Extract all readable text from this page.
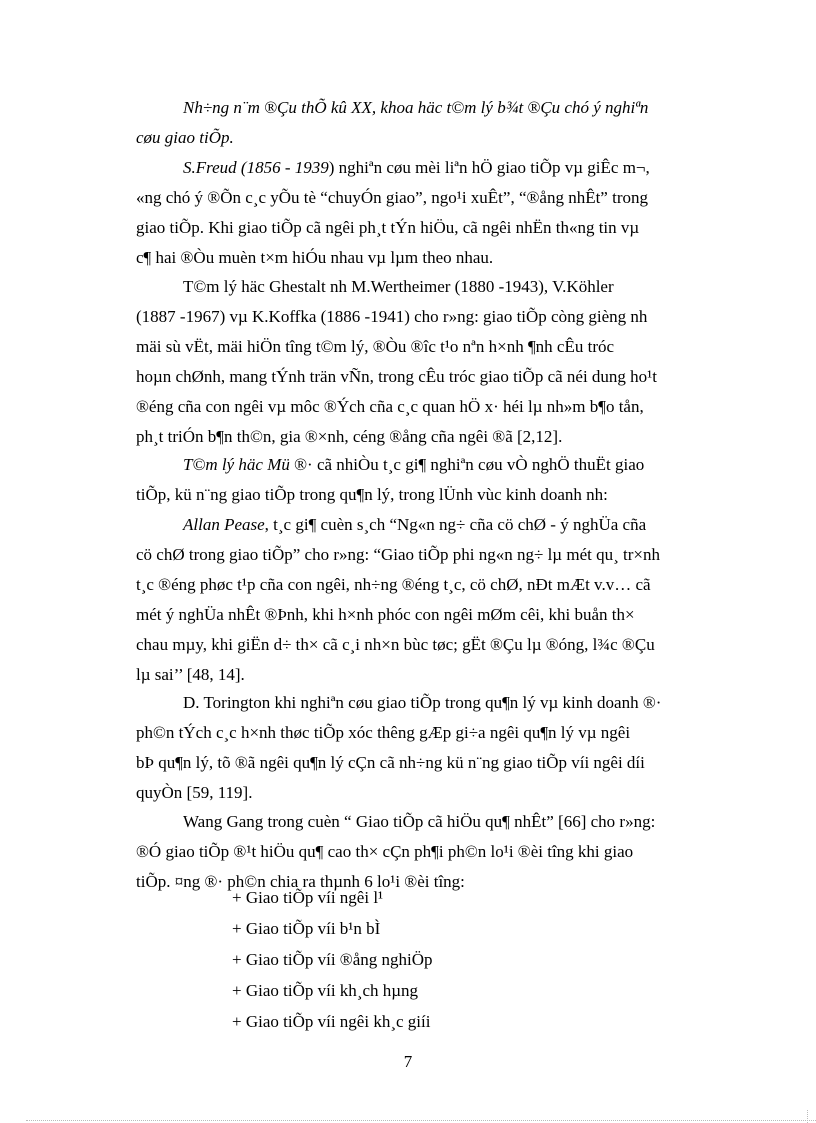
Nh÷ng n¨m ®Çu thÕ kû XX, khoa häc t©m lý b¾t ®Çu chó ý nghiªn
cøu giao tiÕp.
S.Freud (1856 - 1939) nghiªn cøu mèi liªn hÖ giao tiÕp vµ giÊc m¬,
«ng chó ý ®Õn c¸c yÕu tè “chuyÓn giao”, ngo¹i xuÊt”, “®ång nhÊt” trong
giao tiÕp. Khi giao tiÕp cã ngêi ph¸t tÝn hiÖu, cã ngêi nhËn th«ng tin vµ
c¶ hai ®Òu muèn t×m hiÓu nhau vµ lµm theo nhau.
T©m lý häc Ghestalt nh M.Wertheimer (1880 -1943), V.Köhler
(1887 -1967) vµ K.Koffka (1886 -1941) cho r»ng: giao tiÕp còng gièng nh
mäi sù vËt, mäi hiÖn tîng t©m lý, ®Òu ®îc t¹o nªn h×nh ¶nh cÊu tróc
hoµn chØnh, mang tÝnh trän vÑn, trong cÊu tróc giao tiÕp cã néi dung ho¹t
®éng cña con ngêi vµ môc ®Ých cña c¸c quan hÖ x· héi lµ nh»m b¶o tån,
ph¸t triÓn b¶n th©n, gia ®×nh, céng ®ång cña ngêi ®ã [2,12].
T©m lý häc Mü ®· cã nhiÒu t¸c gi¶ nghiªn cøu vÒ nghÖ thuËt giao
tiÕp, kü n¨ng giao tiÕp trong qu¶n lý, trong lÜnh vùc kinh doanh nh:
Allan Pease, t¸c gi¶ cuèn s¸ch “Ng«n ng÷ cña cö chØ - ý nghÜa cña
cö chØ trong giao tiÕp” cho r»ng: “Giao tiÕp phi ng«n ng÷ lµ mét qu¸ tr×nh
t¸c ®éng phøc t¹p cña con ngêi, nh÷ng ®éng t¸c, cö chØ, nÐt mÆt v.v… cã
mét ý nghÜa nhÊt ®Þnh, khi h×nh phóc con ngêi mØm cêi, khi buån th×
chau mµy, khi giËn d÷ th× cã c¸i nh×n bùc tøc; gËt ®Çu lµ ®óng, l¾c ®Çu
lµ sai’’ [48, 14].
D. Torington khi nghiªn cøu giao tiÕp trong qu¶n lý vµ kinh doanh ®·
ph©n tÝch c¸c h×nh thøc tiÕp xóc thêng gÆp gi÷a ngêi qu¶n lý vµ ngêi
bÞ qu¶n lý, tõ ®ã ngêi qu¶n lý cÇn cã nh÷ng kü n¨ng giao tiÕp víi ngêi díi
quyÒn [59, 119].
Wang Gang trong cuèn “ Giao tiÕp cã hiÖu qu¶ nhÊt” [66] cho r»ng:
®Ó giao tiÕp ®¹t hiÖu qu¶ cao th× cÇn ph¶i ph©n lo¹i ®èi tîng khi giao
tiÕp. ¤ng ®· ph©n chia ra thµnh 6 lo¹i ®èi tîng:
+ Giao tiÕp víi ngêi l¹
+ Giao tiÕp víi b¹n bÌ
+ Giao tiÕp víi ®ång nghiÖp
+ Giao tiÕp víi kh¸ch hµng
+ Giao tiÕp víi ngêi kh¸c giíi
7
